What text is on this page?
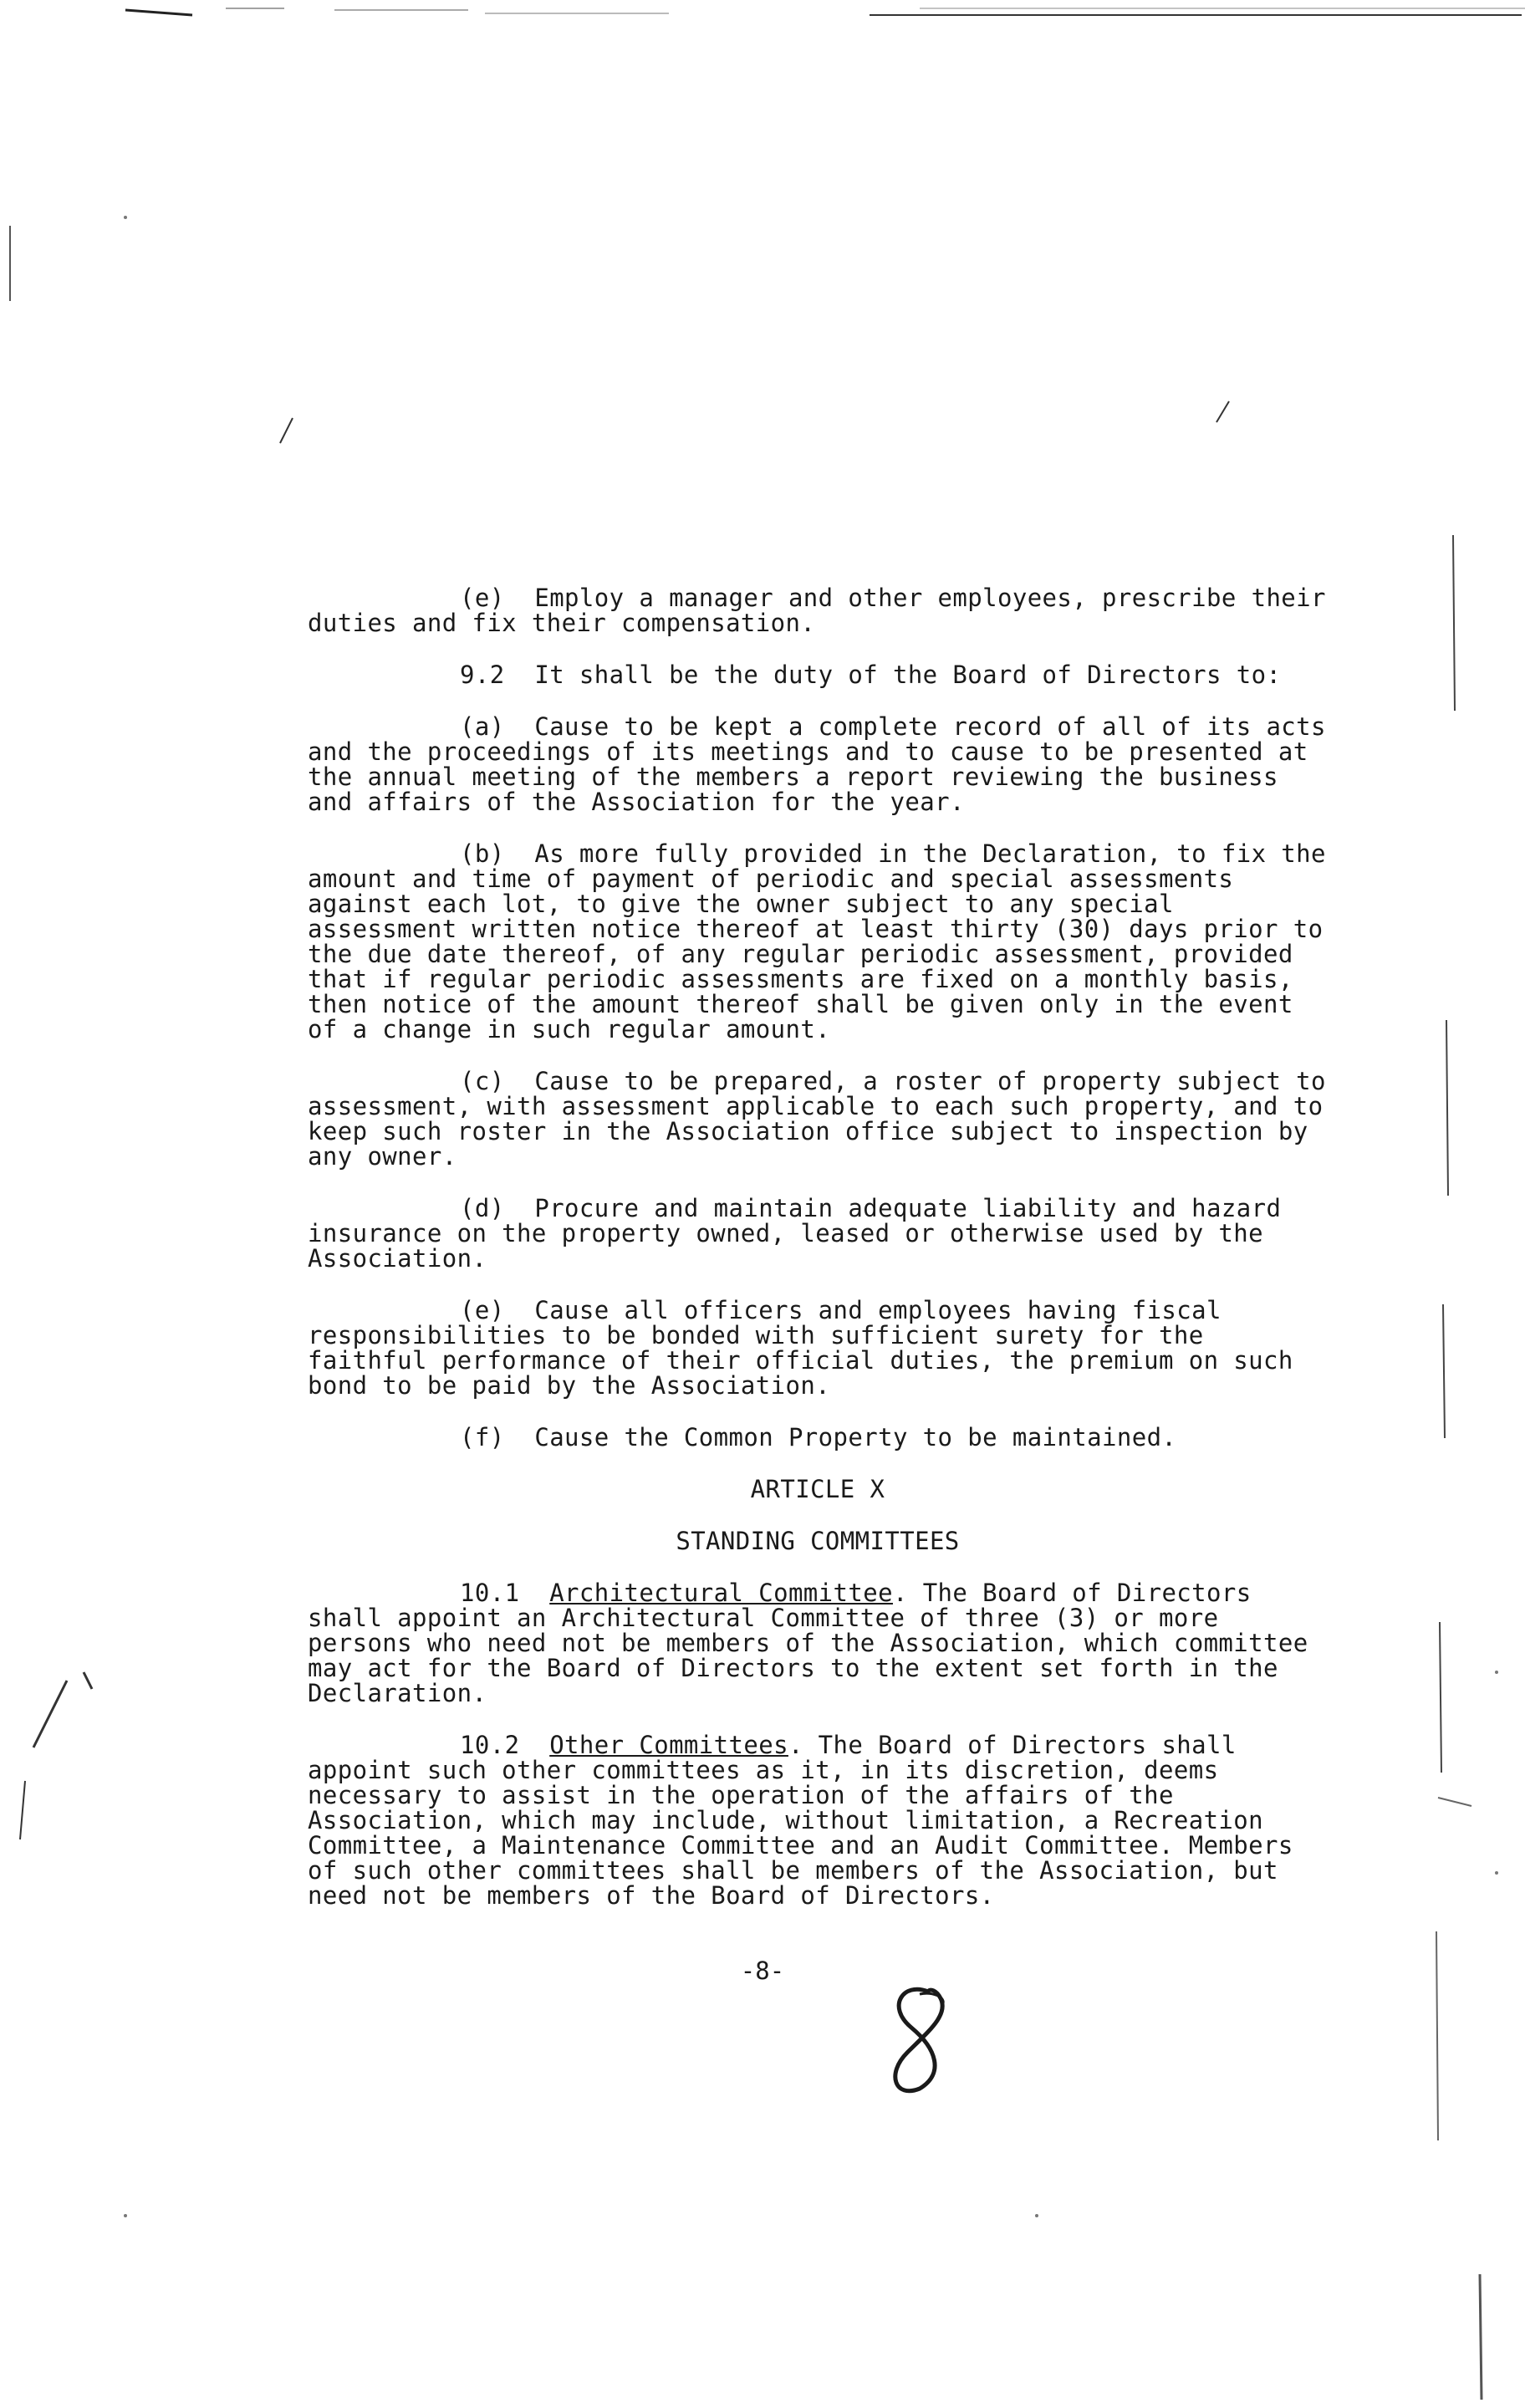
(e) Employ a manager and other employees, prescribe their duties and fix their compensation.

9.2 It shall be the duty of the Board of Directors to:

(a) Cause to be kept a complete record of all of its acts and the proceedings of its meetings and to cause to be presented at the annual meeting of the members a report reviewing the business and affairs of the Association for the year.

(b) As more fully provided in the Declaration, to fix the amount and time of payment of periodic and special assessments against each lot, to give the owner subject to any special assessment written notice thereof at least thirty (30) days prior to the due date thereof, of any regular periodic assessment, provided that if regular periodic assessments are fixed on a monthly basis, then notice of the amount thereof shall be given only in the event of a change in such regular amount.

(c) Cause to be prepared, a roster of property subject to assessment, with assessment applicable to each such property, and to keep such roster in the Association office subject to inspection by any owner.

(d) Procure and maintain adequate liability and hazard insurance on the property owned, leased or otherwise used by the Association.

(e) Cause all officers and employees having fiscal responsibilities to be bonded with sufficient surety for the faithful performance of their official duties, the premium on such bond to be paid by the Association.

(f) Cause the Common Property to be maintained.

ARTICLE X

STANDING COMMITTEES

10.1 Architectural Committee. The Board of Directors shall appoint an Architectural Committee of three (3) or more persons who need not be members of the Association, which committee may act for the Board of Directors to the extent set forth in the Declaration.

10.2 Other Committees. The Board of Directors shall appoint such other committees as it, in its discretion, deems necessary to assist in the operation of the affairs of the Association, which may include, without limitation, a Recreation Committee, a Maintenance Committee and an Audit Committee. Members of such other committees shall be members of the Association, but need not be members of the Board of Directors.

-8-
